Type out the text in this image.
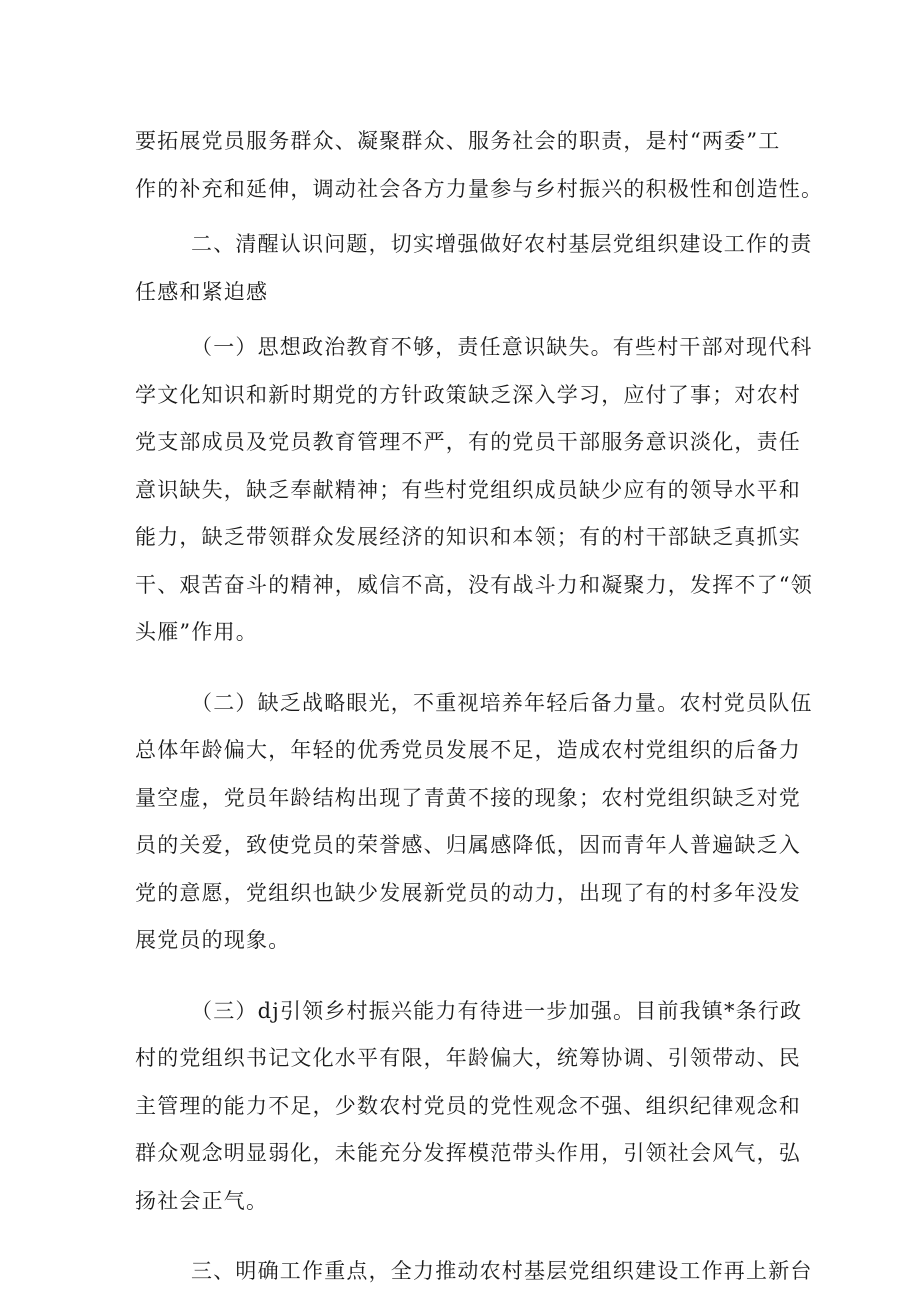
要拓展党员服务群众、凝聚群众、服务社会的职责，是村“两委”工
作的补充和延伸，调动社会各方力量参与乡村振兴的积极性和创造性。
二、清醒认识问题，切实增强做好农村基层党组织建设工作的责
任感和紧迫感
（一）思想政治教育不够，责任意识缺失。有些村干部对现代科
学文化知识和新时期党的方针政策缺乏深入学习，应付了事；对农村
党支部成员及党员教育管理不严，有的党员干部服务意识淡化，责任
意识缺失，缺乏奉献精神；有些村党组织成员缺少应有的领导水平和
能力，缺乏带领群众发展经济的知识和本领；有的村干部缺乏真抓实
干、艰苦奋斗的精神，威信不高，没有战斗力和凝聚力，发挥不了“领
头雁”作用。
（二）缺乏战略眼光，不重视培养年轻后备力量。农村党员队伍
总体年龄偏大，年轻的优秀党员发展不足，造成农村党组织的后备力
量空虚，党员年龄结构出现了青黄不接的现象；农村党组织缺乏对党
员的关爱，致使党员的荣誉感、归属感降低，因而青年人普遍缺乏入
党的意愿，党组织也缺少发展新党员的动力，出现了有的村多年没发
展党员的现象。
（三）dj引领乡村振兴能力有待进一步加强。目前我镇*条行政
村的党组织书记文化水平有限，年龄偏大，统筹协调、引领带动、民
主管理的能力不足，少数农村党员的党性观念不强、组织纪律观念和
群众观念明显弱化，未能充分发挥模范带头作用，引领社会风气，弘
扬社会正气。
三、明确工作重点，全力推动农村基层党组织建设工作再上新台
